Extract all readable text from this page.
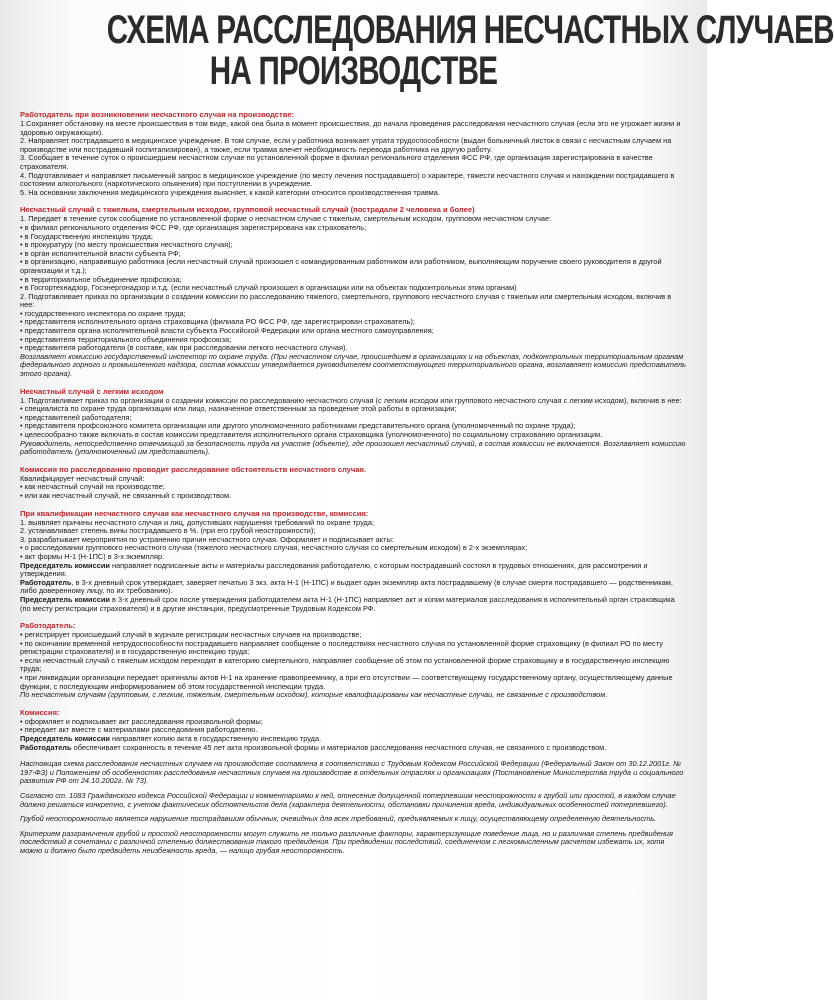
СХЕМА РАССЛЕДОВАНИЯ НЕСЧАСТНЫХ СЛУЧАЕВ
НА ПРОИЗВОДСТВЕ
Работодатель при возникновении несчастного случая на производстве:
1.Сохраняет обстановку на месте происшествия в том виде, какой она была в момент происшествия, до начала проведения расследования несчастного случая (если это не угрожает жизни и здоровью окружающих).
2. Направляет пострадавшего в медицинское учреждение. В том случае, если у работника возникает утрата трудоспособности (выдан больничный листок в связи с несчастным случаем на производстве или пострадавший госпитализирован), а также, если травма влечет необходимость перевода работника на другую работу.
3. Сообщает в течение суток о происшедшем несчастном случае по установленной форме в филиал регионального отделения ФСС РФ, где организация зарегистрирована в качестве страхователя.
4. Подготавливает и направляет письменный запрос в медицинское учреждение (по месту лечения пострадавшего) о характере, тяжести несчастного случая и нахождении пострадавшего в состоянии алкогольного (наркотического опьянения) при поступлении в учреждение.
5. На основании заключения медицинского учреждения выясняет, к какой категории относится производственная травма.
Несчастный случай с тяжелым, смертельным исходом, групповой несчастный случай (пострадали 2 человека и более)
1. Передает в течение суток сообщение по установленной форме о несчастном случае с тяжелым, смертельным исходом, групповом несчастном случае:
• в филиал регионального отделения ФСС РФ, где организация зарегистрирована как страхователь;
• в Государственную инспекцию труда;
• в прокуратуру (по месту происшествия несчастного случая);
• в орган исполнительной власти субъекта РФ;
• в организацию, направившую работника (если несчастный случай произошел с командированным работником или работником, выполняющим поручение своего руководителя в другой организации и т.д.);
• в территориальное объединение профсоюза;
• в Госгортехнадзор, Госэнергонадзор и.т.д. (если несчастный случай произошел в организации или на объектах подконтрольных этим органам)
2. Подготавливает приказ по организации о создании комиссии по расследованию тяжелого, смертельного, группового несчастного случая с тяжелым или смертельным исходом, включив в нее:
• государственного инспектора по охране труда;
• представителя исполнительного органа страховщика (филиала РО ФСС РФ, где зарегистрирован страхователь);
• представителя органа исполнительной власти субъекта Российской Федерации или органа местного самоуправления;
• представителя территориального объединения профсоюза;
• представителя работодателя (в составе, как при расследовании легкого несчастного случая).
Возглавляет комиссию государственный инспектор по охране труда. (При несчастном случае, происшедшем в организациях и на объектах, подконтрольных территориальным органам федерального горного и промышленного надзора, состав комиссии утверждается руководителем соответствующего территориального органа, возглавляет комиссию представитель этого органа).
Несчастный случай с легким исходом
1. Подготавливает приказ по организации о создании комиссии по расследованию несчастного случая (с легким исходом или группового несчастного случая с легким исходом), включив в нее:
• специалиста по охране труда организации или лицо, назначенное ответственным за проведение этой работы в организации;
• представителей работодателя;
• представителя профсоюзного комитета организации или другого уполномоченного работниками представительного органа (уполномоченный по охране труда);
• целесообразно также включать в состав комиссии представителя исполнительного органа страховщика (уполномоченного) по социальному страхованию организации.
Руководитель, непосредственно отвечающий за безопасность труда на участке (объекте), где произошел несчастный случай, в состав комиссии не включается. Возглавляет комиссию работодатель (уполномоченный им представитель).
Комиссия по расследованию проводит расследование обстоятельств несчастного случая.
Квалифицирует несчастный случай:
• как несчастный случай на производстве;
• или как несчастный случай, не связанный с производством.
При квалификации несчастного случая как несчастного случая на производстве, комиссия:
1. выявляет причины несчастного случая и лиц, допустивших нарушения требований по охране труда;
2. устанавливает степень вины пострадавшего в %. (при его грубой неосторожности);
3. разрабатывает мероприятия по устранению причин несчастного случая. Оформляет и подписывает акты:
• о расследовании группового несчастного случая (тяжелого несчастного случая, несчастного случая со смертельным исходом) в 2-х экземплярах;
• акт формы Н-1 (Н-1ПС) в 3-х экземпляр.
Председатель комиссии направляет подписанные акты и материалы расследования работодателю, с которым пострадавший состоял в трудовых отношениях, для рассмотрения и утверждения.
Работодатель, в 3-х дневный срок утверждает, заверяет печатью 3 экз. акта Н-1 (Н-1ПС) и выдает один экземпляр акта пострадавшему (в случае смерти пострадавшего — родственникам, либо доверенному лицу, по их требованию).
Председатель комиссии в 3-х дневный срок после утверждения работодателем акта Н-1 (Н-1ПС) направляет акт и копии материалов расследования в исполнительный орган страховщика (по месту регистрации страхователя) и в другие инстанции, предусмотренные Трудовым Кодексом РФ.
Работодатель:
• регистрирует происшедший случай в журнале регистрации несчастных случаев на производстве;
• по окончании временной нетрудоспособности пострадавшего направляет сообщение о последствиях несчастного случая по установленной форме страховщику (в филиал РО по месту регистрации страхователя) и в государственную инспекцию труда;
• если несчастный случай с тяжелым исходом переходит в категорию смертельного, направляет сообщение об этом по установленной форме страховщику и в государственную инспекцию труда;
• при ликвидации организации передает оригиналы актов Н-1 на хранение правопреемнику, а при его отсутствии — соответствующему государственному органу, осуществляющему данные функции, с последующим информированием об этом государственной инспекции труда.
По несчастным случаям (групповым, с легким, тяжелым, смертельным исходом), которые квалифицированы как несчастные случаи, не связанные с производством.
Комиссия:
• оформляет и подписывает акт расследования произвольной формы;
• передает акт вместе с материалами расследования работодателю.
Председатель комиссии направляет копию акта в государственную инспекцию труда.
Работодатель обеспечивает сохранность в течение 45 лет акта произвольной формы и материалов расследования несчастного случая, не связанного с производством.
Настоящая схема расследования несчастных случаев на производстве составлена в соответствии с Трудовым Кодексом Российской Федерации (Федеральный Закон от 30.12.2001г. № 197-ФЗ) и Положением об особенностях расследования несчастных случаев на производстве в отдельных отраслях и организациях (Постановление Министерства труда и социального развития РФ от 24.10.2002г. № 73).
Согласно ст. 1083 Гражданского кодекса Российской Федерации и комментариями к ней, отнесение допущенной потерпевшим неосторожности к грубой или простой, в каждом случае должно решаться конкретно, с учетом фактических обстоятельств дела (характера деятельности, обстановки причинения вреда, индивидуальных особенностей потерпевшего).
Грубой неосторожностью является нарушение пострадавшим обычных, очевидных для всех требований, предъявляемых к лицу, осуществляющему определенную деятельность.
Критерием разграничения грубой и простой неосторожности могут служить не только различные факторы, характеризующие поведение лица, но и различная степень предвидения последствий в сочетании с различной степенью должествования такого предвидения. При предвидении последствий, соединенном с легкомысленным расчетом избежать их, хотя можно и должно было предвидеть неизбежность вреда, — налицо грубая неосторожность.
